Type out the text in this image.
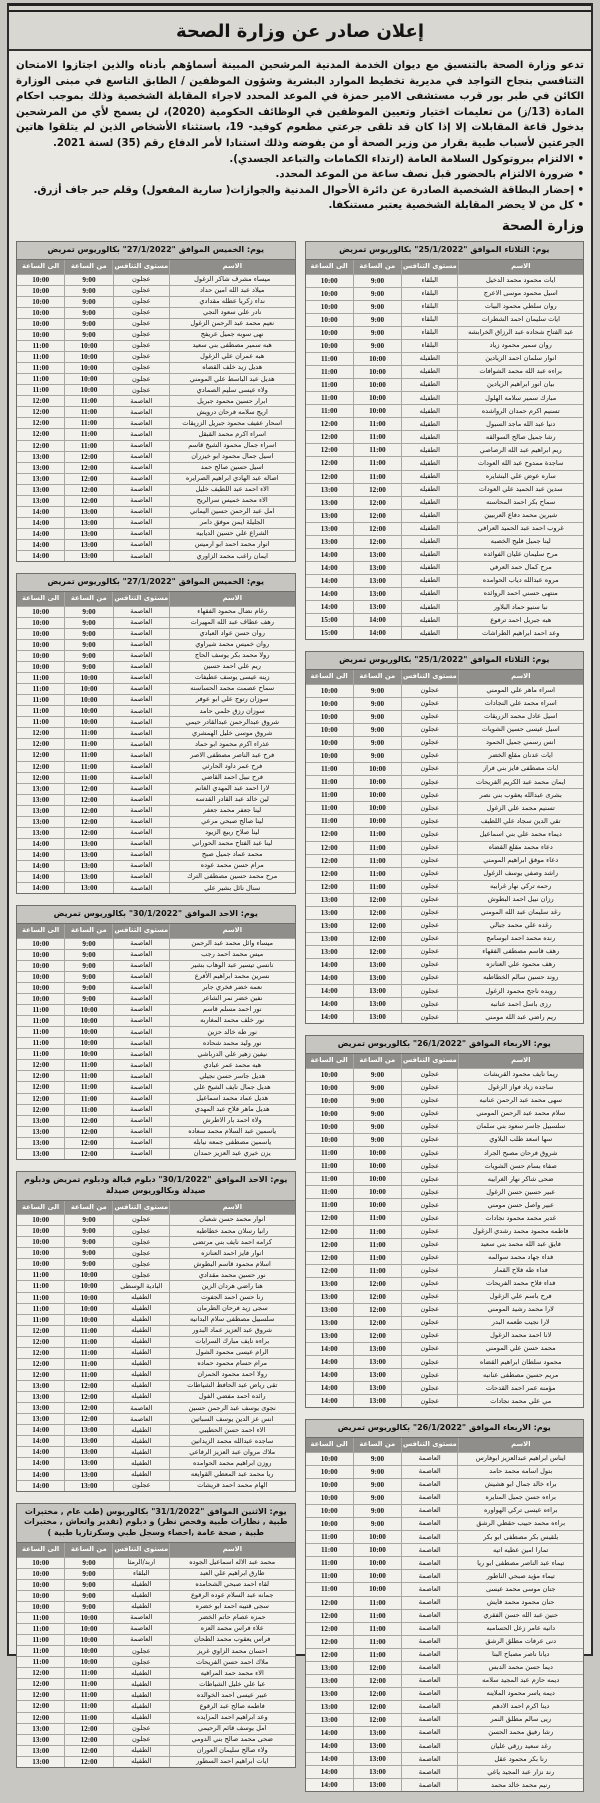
إعلان صادر عن وزارة الصحة
تدعو وزارة الصحة بالتنسيق مع ديوان الخدمة المدنية المرشحين المبينة أسماؤهم بأدناه والذين اجتازوا الامتحان التنافسي بنجاح التواجد في مديرية تخطيط الموارد البشرية وشؤون الموظفين / الطابق التاسع في مبنى الوزارة الكائن في طبر بور قرب مستشفى الامير حمزة في الموعد المحدد لاجراء المقابلة الشخصية وذلك بموجب احكام المادة (13/ز) من تعليمات اختيار وتعيين الموظفين في الوظائف الحكومية (2020)، لن يسمح لأي من المرشحين بدخول قاعة المقابلات إلا إذا كان قد تلقى جرعتي مطعوم كوفيد- 19، باستثناء الأشخاص الذين لم يتلقوا هاتين الجرعتين لأسباب طبية بقرار من وزير الصحة أو من يفوضه وذلك استنادا لأمر الدفاع رقم (35) لسنة 2021.
• الالتزام ببروتوكول السلامة العامة (ارتداء الكمامات والتباعد الجسدي).
• ضرورة الالتزام بالحضور قبل نصف ساعة من الموعد المحدد.
• إحضار البطاقة الشخصية الصادرة عن دائرة الأحوال المدنية والجوازات( سارية المفعول) وقلم حبر جاف أزرق.
• كل من لا يحضر المقابلة الشخصية يعتبر مستنكفا.
وزارة الصحة
يوم: الثلاثاء الموافق "25/1/2022" بكالوريوس تمريض
الاسم
مستوى التنافس
من الساعة
الى الساعة
ايات محمود محمد الدخيل
البلقاء
9:00
10:00
اسيل محمود موسى الاعرج
البلقاء
9:00
10:00
روان سلطي محمود البيات
البلقاء
9:00
10:00
ايات سليمان احمد الشطرات
البلقاء
9:00
10:00
عبد الفتاح شحاده عبد الرزاق الخرابشه
البلقاء
9:00
10:00
روان سمير محمود زياد
البلقاء
9:00
10:00
انوار سلمان احمد الزيادين
الطفيله
10:00
11:00
براءه عبد الله محمد الشوافات
الطفيله
10:00
11:00
بيان انور ابراهيم الزيادين
الطفيله
10:00
11:00
مبارك سمير سلامه الهلول
الطفيله
10:00
11:00
تسنيم اكرم حمدان الرواشده
الطفيله
10:00
11:00
دنيا عبد الله ماجد السبول
الطفيله
11:00
12:00
رشا جميل صالح السوالقه
الطفيله
11:00
12:00
ريم ابراهيم عبد الله الرصاصي
الطفيله
11:00
12:00
ساجدة ممدوح عبد الله العودات
الطفيله
11:00
12:00
ساره عوض علي البشايره
الطفيله
11:00
12:00
سدين عبد الحميد علي العودات
الطفيله
12:00
13:00
سماح بكر احمد المحاسنه
الطفيله
12:00
13:00
شيرين محمد دفاع العربيين
الطفيله
12:00
13:00
غروب احمد عبد الحميد العرافي
الطفيله
12:00
13:00
لينا جميل فليح الخصبه
الطفيله
12:00
13:00
مرح سليمان عليان الفوائده
الطفيله
13:00
14:00
مرح كمال حمد العرفي
الطفيله
13:00
14:00
مروه عبدالله دياب الحوامده
الطفيله
13:00
14:00
منتهى حسني احمد الروائده
الطفيله
13:00
14:00
نبا سنيو حماد البلاور
الطفيله
13:00
14:00
هبه جبريل احمد ترفوع
الطفيله
14:00
15:00
وعد احمد ابراهيم الطراشات
الطفيله
14:00
15:00
يوم: الثلاثاء الموافق "25/1/2022" بكالوريوس تمريض
الاسم
مستوى التنافس
من الساعة
الى الساعة
اسراء ماهر علي المومني
عجلون
9:00
10:00
اسراء محمد علي النجادات
عجلون
9:00
10:00
اسيل عادل محمد الزريقات
عجلون
9:00
10:00
اسيل عيسى حسين الشويات
عجلون
9:00
10:00
انس رسمي جميل الحمود
عجلون
9:00
10:00
ايات عدنان مقلع الخضر
عجلون
9:00
10:00
ايات مصطفى فايز بني فراز
عجلون
10:00
11:00
ايمان محمد عبد الكريم الفريحات
عجلون
10:00
11:00
بشرى عبدالله يعقوب بني نصر
عجلون
10:00
11:00
تسنيم محمد علي الزغول
عجلون
10:00
11:00
تقي الدين سجاد علي اللطيف
عجلون
10:00
11:00
ديماء محمد علي بني اسماعيل
عجلون
11:00
12:00
دعاء محمد مقلع القضاه
عجلون
11:00
12:00
دعاء موفق ابراهيم المومني
عجلون
11:00
12:00
راشد وصفي يوسف الزغول
عجلون
11:00
12:00
رحمه تركي نهار غرايبه
عجلون
11:00
12:00
رزان نبيل احمد البطوش
عجلون
12:00
13:00
رغد سليمان عبد الله المومني
عجلون
12:00
13:00
رغده علي محمد جبالي
عجلون
12:00
13:00
رنده محمد احمد ابوسامج
عجلون
12:00
13:00
رهف قاسم مصطفى الفقهاء
عجلون
12:00
13:00
رهف محمود علي العنانزه
عجلون
13:00
14:00
روند حسين سالم الخطاطبه
عجلون
13:00
14:00
رويده ناجح محمود الزغول
عجلون
13:00
14:00
رزى باسل احمد عنانبه
عجلون
13:00
14:00
ريم راضي عبد الله مومني
عجلون
13:00
14:00
يوم: الاربعاء الموافق "26/1/2022" بكالوريوس تمريض
الاسم
مستوى التنافس
من الساعة
الى الساعة
ريما نايف محمود القريشات
عجلون
9:00
10:00
ساجده زياد فواز الزغول
عجلون
9:00
10:00
سهى محمد عبد الرحمن عنانبه
عجلون
9:00
10:00
سلام محمد عبد الرحمن المومني
عجلون
9:00
10:00
سلسبيل جاسر سعود بني سلمان
عجلون
9:00
10:00
سها اسعد طلب البلاوي
عجلون
9:00
10:00
شروق فرحان مصبح الجراد
عجلون
10:00
11:00
صفاء بسام حسن الشويات
عجلون
10:00
11:00
ضحى شاكر نهار الغرايبه
عجلون
10:00
11:00
عبير حسين حسن الزغول
عجلون
10:00
11:00
عبير واصل حسن مومني
عجلون
10:00
11:00
غدير محمد محمود نجادات
عجلون
11:00
12:00
فاطمه محمود محمد رشدي الزغول
عجلون
11:00
12:00
فايق عبد الله محمد بني سعيد
عجلون
11:00
12:00
فداء جهاد محمد سوالمه
عجلون
11:00
12:00
فداء طه فلاح القمار
عجلون
11:00
12:00
فداء فلاح محمد الفريحات
عجلون
12:00
13:00
فرح باسم علي الزغول
عجلون
12:00
13:00
لارا محمد رشيد المومني
عجلون
12:00
13:00
لارا نجيب طعمه البدر
عجلون
12:00
13:00
لانا احمد محمد الزغول
عجلون
12:00
13:00
محمد حسن علي المومني
عجلون
13:00
14:00
محمود سلطان ابراهيم القضاه
عجلون
13:00
14:00
مريم حسين مصطفى عنانبه
عجلون
13:00
14:00
مؤمنه عمر احمد القدحات
عجلون
13:00
14:00
مي علي محمد نجادات
عجلون
13:00
14:00
يوم: الاربعاء الموافق "26/1/2022" بكالوريوس تمريض
الاسم
مستوى التنافس
من الساعة
الى الساعة
ايناس ابراهيم عبدالعزيز ابوفارس
العاصمة
9:00
10:00
بتول اسامه محمد حامد
العاصمة
9:00
10:00
براء خالد جمال ابو هشيش
العاصمة
9:00
10:00
براءه حسن جميل المنايره
العاصمة
9:00
10:00
براءه عيسى تركي الهواوره
العاصمة
9:00
10:00
براءه محمد حبيب حقظي الرشق
العاصمة
9:00
10:00
بلقيس بكر مصطفى ابو بكر
العاصمة
10:00
11:00
تمارا امين عطيه اتيه
العاصمة
10:00
11:00
تيماء عبد الناصر مصطفى ابو ريا
العاصمة
10:00
11:00
تيماء مؤيد صبحي الناطور
العاصمة
10:00
11:00
جنان موسى محمد عيسى
العاصمة
10:00
11:00
حنان محمود محمد فايش
العاصمة
11:00
12:00
حنين عبد الله حسن الفقري
العاصمة
11:00
12:00
دانيه عامر زعل الحسامبه
العاصمة
11:00
12:00
دنى عرفات مطلق الرشق
العاصمة
11:00
12:00
ديانا ناصر مصباح البنا
العاصمة
11:00
12:00
ديما حسن محمد الدبس
العاصمة
12:00
13:00
ديمه حازم عبد المجيد سلامه
العاصمة
12:00
13:00
ديمه ياسر محمود الملاينه
العاصمة
12:00
13:00
دينا اكرم احمد الادهم
العاصمة
12:00
13:00
ريى سالم مطلق النمر
العاصمة
12:00
13:00
رشا رفيق محمد الحسن
العاصمة
13:00
14:00
رغد سعيد رزقي عليان
العاصمة
13:00
14:00
رنا بكر محمود عقل
العاصمة
13:00
14:00
رند نزار عبد المجيد ياغي
العاصمة
13:00
14:00
رنيم محمد خالد محمد
العاصمة
13:00
14:00
يوم: الخميس الموافق "27/1/2022" بكالوريوس تمريض
الاسم
مستوى التنافس
من الساعة
الى الساعة
ميساء مشرف شاكر الزغول
عجلون
9:00
10:00
ميلاد عبد الله امين حداد
عجلون
9:00
10:00
نداء زكريا عطله مقدادي
عجلون
9:00
10:00
نادر علي سعود النجي
عجلون
9:00
10:00
نعيم محمد عبد الرحمن الزغول
عجلون
9:00
10:00
نهى سوبه جميل عريفج
عجلون
9:00
10:00
هبه سمير مصطفى بني سعيد
عجلون
10:00
11:00
هبه عمران علي الزغول
عجلون
10:00
11:00
هديل زيد خلف القضاه
عجلون
10:00
11:00
هديل عبد الباسط علي المومني
عجلون
10:00
11:00
ولاء عيسى سليم الصمادي
عجلون
10:00
11:00
ابرار حسين محمود جبريل
العاصمة
11:00
12:00
اريج سلامه فرحان درويش
العاصمة
11:00
12:00
اسحار عفيف محمود جبريل الزريقات
العاصمة
11:00
12:00
اسراء اكرم محمد القبقل
العاصمة
11:00
12:00
اسراء جمال محمود الشيخ قاسم
العاصمة
11:00
12:00
اسيل جمال محمود ابو خيزران
العاصمة
12:00
13:00
اسيل حسين صالح حمد
العاصمة
12:00
13:00
اصاله عبد الهادي ابراهيم الصرايره
العاصمة
12:00
13:00
الاء احمد عبد اللطيف خليل
العاصمة
12:00
13:00
الاء محمد خميس سرالريح
العاصمة
12:00
13:00
امل عبد الرحمن حسين اليماني
العاصمة
13:00
14:00
الجليلة ايمن موفق دامر
العاصمة
13:00
14:00
الشراع علي حسين الديابيه
العاصمة
13:00
14:00
انوار محمد احمد ابو ارميس
العاصمة
13:00
14:00
ايمان راغب محمد الزاوري
العاصمة
13:00
14:00
يوم: الخميس الموافق "27/1/2022" بكالوريوس تمريض
الاسم
مستوى التنافس
من الساعة
الى الساعة
رغام نضال محمود الفقهاء
العاصمة
9:00
10:00
رهف عطاف عبد الله المهيرات
العاصمة
9:00
10:00
روان حسن عواد العبادي
العاصمة
9:00
10:00
روان خميس محمد شيراوي
العاصمة
9:00
10:00
رولا محمد بكر يوسف الحاج
العاصمة
9:00
10:00
ريم علي احمد حسين
العاصمة
9:00
10:00
زينه عيسى يوسف عطيفات
العاصمة
10:00
11:00
سماح عصمت محمد الحساسنه
العاصمة
10:00
11:00
سوزان رتوج علي ابو عوفر
العاصمة
10:00
11:00
سوزان رزق حلمي حامد
العاصمة
10:00
11:00
شروق عبدالرحمن عبدالقادر حيمي
العاصمة
10:00
11:00
شروق موسى خليل الهمشري
العاصمة
11:00
12:00
عذراء اكرم محمود ابو حماد
العاصمة
11:00
12:00
فرح عبد الناصر مصطفى الاصر
العاصمة
11:00
12:00
فرح عمر داود الحارثي
العاصمة
11:00
12:00
فرح نبيل احمد القاضي
العاصمة
11:00
12:00
لارا احمد عبد المهدي الغانم
العاصمة
12:00
13:00
لين خالد عبد القادر القدسه
العاصمة
12:00
13:00
لينا جعفر محمد جعفر
العاصمة
12:00
13:00
لينا صالح صبحي مرعي
العاصمة
12:00
13:00
لينا صلاح ربيع الزيود
العاصمة
12:00
13:00
لينا عبد الفتاح محمد الحوراني
العاصمة
13:00
14:00
محمد عماد جميل صبح
العاصمة
13:00
14:00
مرام حسن محمد عوده
العاصمة
13:00
14:00
مرح محمد حسين مصطفى الترك
العاصمة
13:00
14:00
سنال نائل بشير علي
العاصمة
13:00
14:00
يوم: الاحد الموافق "30/1/2022" بكالوريوس تمريض
الاسم
مستوى التنافس
من الساعة
الى الساعة
ميساء وائل محمد عبد الرحمن
العاصمة
9:00
10:00
ميس محمد احمد رجب
العاصمة
9:00
10:00
نانسي تيسير عبد الوهاب بشير
العاصمة
9:00
10:00
نسرين محمد ابراهيم الأفرع
العاصمة
9:00
10:00
نعمه خضر فخري جابر
العاصمة
9:00
10:00
نفين خضر نمر الشاعر
العاصمة
9:00
10:00
نور احمد مسلم قاسم
العاصمة
10:00
11:00
نور خلف محمد المغاربه
العاصمة
10:00
11:00
نور طه خالد حزين
العاصمة
10:00
11:00
نور وليد محمد شحاده
العاصمة
10:00
11:00
نيفين زهير علي الدرباشي
العاصمة
10:00
11:00
هبه محمد عمر عبادي
العاصمة
11:00
12:00
هديل جاسر حسن نجيلي
العاصمة
11:00
12:00
هديل جمال نايف الشيخ علي
العاصمة
11:00
12:00
هديل عماد محمد اسماعيل
العاصمة
11:00
12:00
هديل ماهر فلاح عبد المهدي
العاصمة
11:00
12:00
ولاء احمد بار الاطرش
العاصمة
12:00
13:00
ياسمين عبد السلام محمد سعاده
العاصمة
12:00
13:00
ياسمين مصطفى جمعه نيابله
العاصمة
12:00
13:00
يزن خيري عبد العزيز حمدان
العاصمة
12:00
13:00
يوم: الاحد الموافق "30/1/2022" دبلوم قبالة ودبلوم تمريض ودبلوم صيدلة وبكالوريوس صيدلة
الاسم
مستوى التنافس
من الساعة
الى الساعة
انوار محمد حسن شعبان
عجلون
9:00
10:00
رانيا رسلان محمد خطاطبه
عجلون
9:00
10:00
كرامه احمد نايف بني مرتضى
عجلون
9:00
10:00
انوار فايز احمد العنانزه
عجلون
9:00
10:00
اسلام محمود قاسم البطوش
عجلون
9:00
10:00
نور حسين محمد مقدادي
عجلون
10:00
11:00
هنا راضي هردان الزين
البادية الوسطى
10:00
11:00
رنا حسن احمد الجفوت
الطفيله
10:00
11:00
سجى زيد فرحان الطرمان
الطفيله
10:00
11:00
سلسبيل مصطفى سلام البدانيه
الطفيله
10:00
11:00
شروق عبد العزيز عماد البدور
الطفيله
11:00
12:00
براءه نايف مبارك السرايات
الطفيله
11:00
12:00
الرام عيسى محمود الشول
الطفيله
11:00
12:00
مرام حسام محمود حماده
الطفيله
11:00
12:00
رولا احمد محمود الحمران
الطفيله
11:00
12:00
تقى رياض عبد الحافظ الشياطات
الطفيله
12:00
13:00
رائده احمد مفضي الفول
الطفيله
12:00
13:00
نجوى يوسف عبد الرحمن حسين
العاصمة
12:00
13:00
انس عز الدين يوسف السباتين
العاصمة
12:00
13:00
الاء احمد حسن الحطيبي
الطفيله
13:00
14:00
ساجده عبدالله محمد الزيدانين
الطفيله
13:00
14:00
ملاك مروان عبد العزيز الرفاعي
الطفيله
13:00
14:00
روزن ابراهيم محمد الحوامده
الطفيله
13:00
14:00
ريا محمد عبد المعطي القوايعه
الطفيله
13:00
14:00
الهام محمد احمد قريشات
عجلون
13:00
14:00
يوم: الاثنين الموافق "31/1/2022" بكالوريوس (طب عام , مختبرات طبية , نظارات طبية وفحص نظر) و دبلوم (تقدير واتعاش , مختبرات طبية , صحة عامة ,احصاء وسجل طبي وسكرتاريا طبية )
الاسم
مستوى التنافس
من الساعة
الى الساعة
محمد عبد الاله اسماعيل الجوده
اربد/الرمثا
9:00
10:00
طارق ابراهيم علي العبد
البلقاء
9:00
10:00
لقاء احمد صبحي الشحامده
الطفيله
9:00
10:00
جمانه عبد السلام عوده الرقوع
الطفيله
9:00
10:00
سجى قتيبه احمد ابو خضره
الطفيله
9:00
10:00
حمزه عصام حاتم الخضر
العاصمة
10:00
11:00
علاء فراس محمد العزه
العاصمة
10:00
11:00
فراس يعقوب محمد الطحان
العاصمة
10:00
11:00
احسان محمد الزاوي غريز
عجلون
10:00
11:00
ملاك احمد حسن الفريحات
عجلون
10:00
11:00
الاء محمد حمد المرافيه
الطفيله
11:00
12:00
عبا علي خليل الشياطات
الطفيله
11:00
12:00
عبير عيسى احمد الخوالده
الطفيله
11:00
12:00
فاطمه صالح عبد الرقوع
الطفيله
11:00
12:00
وعد ابراهيم احمد المزايده
الطفيله
11:00
12:00
امل يوسف قائم الرحيمي
عجلون
12:00
13:00
ضحى محمد صالح بني الدومي
عجلون
12:00
13:00
ولاء صالح سليمان العوران
الطفيله
12:00
13:00
ايات ابراهيم احمد السطور
الطفيله
12:00
13:00
